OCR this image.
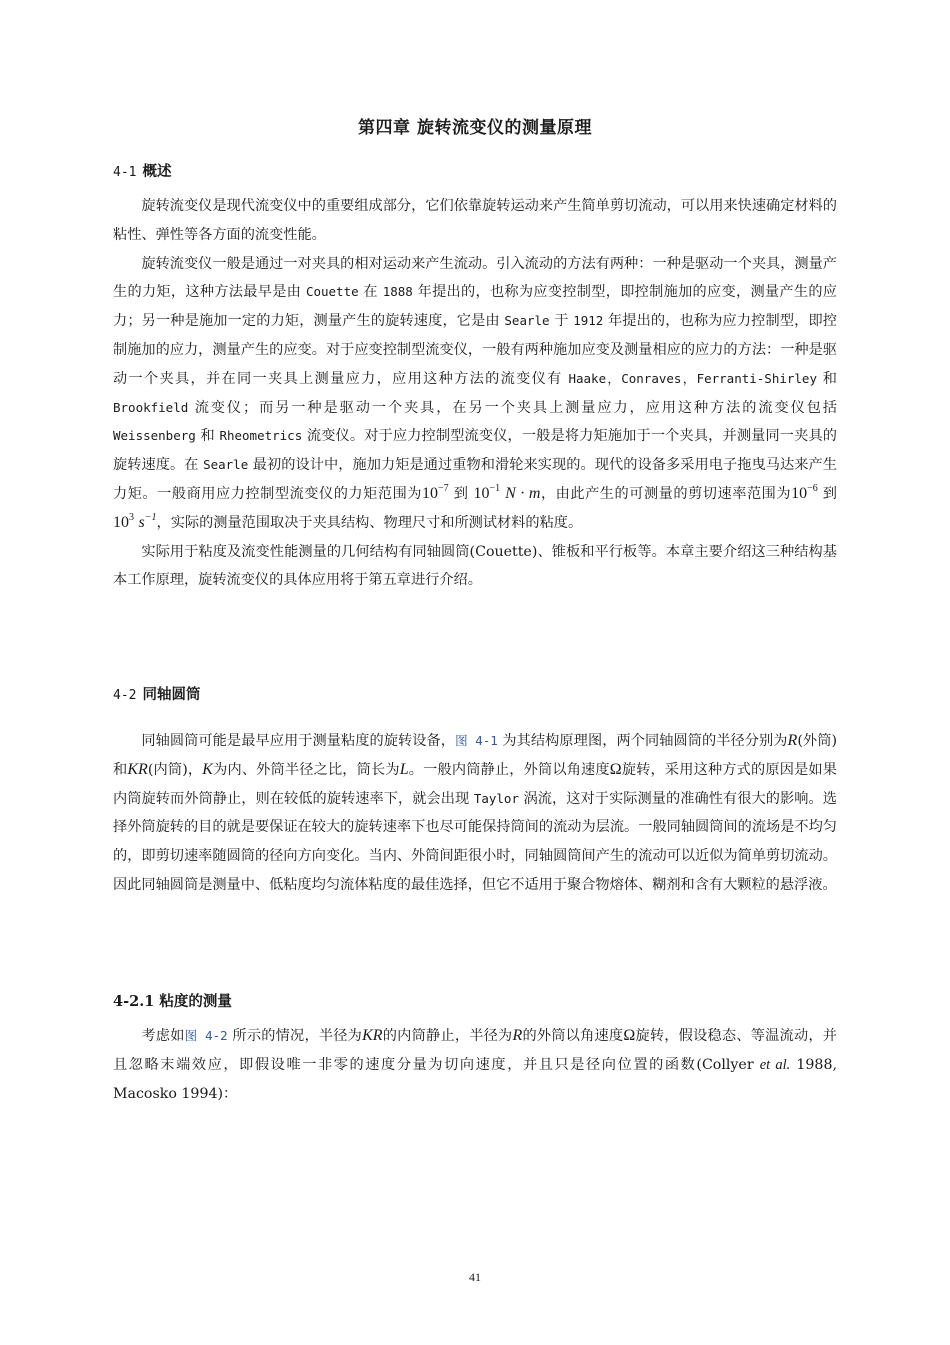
第四章 旋转流变仪的测量原理
4-1 概述

旋转流变仪是现代流变仪中的重要组成部分，它们依靠旋转运动来产生简单剪切流动，可以用来快速确定材料的粘性、弹性等各方面的流变性能。

旋转流变仪一般是通过一对夹具的相对运动来产生流动。引入流动的方法有两种：一种是驱动一个夹具，测量产生的力矩，这种方法最早是由 Couette 在 1888 年提出的，也称为应变控制型，即控制施加的应变，测量产生的应力；另一种是施加一定的力矩，测量产生的旋转速度，它是由 Searle 于 1912 年提出的，也称为应力控制型，即控制施加的应力，测量产生的应变。对于应变控制型流变仪，一般有两种施加应变及测量相应的应力的方法：一种是驱动一个夹具，并在同一夹具上测量应力，应用这种方法的流变仪有 Haake，Conraves，Ferranti-Shirley 和 Brookfield 流变仪；而另一种是驱动一个夹具，在另一个夹具上测量应力，应用这种方法的流变仪包括 Weissenberg 和 Rheometrics 流变仪。对于应力控制型流变仪，一般是将力矩施加于一个夹具，并测量同一夹具的旋转速度。在 Searle 最初的设计中，施加力矩是通过重物和滑轮来实现的。现代的设备多采用电子拖曳马达来产生力矩。一般商用应力控制型流变仪的力矩范围为$10^{-7}$ 到 $10^{-1}$ N · m，由此产生的可测量的剪切速率范围为$10^{-6}$ 到 $10^3$ $s^{-1}$，实际的测量范围取决于夹具结构、物理尺寸和所测试材料的粘度。

实际用于粘度及流变性能测量的几何结构有同轴圆筒(Couette)、锥板和平行板等。本章主要介绍这三种结构基本工作原理，旋转流变仪的具体应用将于第五章进行介绍。

4-2 同轴圆筒

同轴圆筒可能是最早应用于测量粘度的旋转设备，图 4-1 为其结构原理图，两个同轴圆筒的半径分别为R(外筒)和KR(内筒)，K为内、外筒半径之比，筒长为L。一般内筒静止，外筒以角速度Ω旋转，采用这种方式的原因是如果内筒旋转而外筒静止，则在较低的旋转速率下，就会出现 Taylor 涡流，这对于实际测量的准确性有很大的影响。选择外筒旋转的目的就是要保证在较大的旋转速率下也尽可能保持筒间的流动为层流。一般同轴圆筒间的流场是不均匀的，即剪切速率随圆筒的径向方向变化。当内、外筒间距很小时，同轴圆筒间产生的流动可以近似为简单剪切流动。因此同轴圆筒是测量中、低粘度均匀流体粘度的最佳选择，但它不适用于聚合物熔体、糊剂和含有大颗粒的悬浮液。

4-2.1 粘度的测量

考虑如图 4-2 所示的情况，半径为KR的内筒静止，半径为R的外筒以角速度Ω旋转，假设稳态、等温流动，并且忽略末端效应，即假设唯一非零的速度分量为切向速度，并且只是径向位置的函数(Collyer et al. 1988, Macosko 1994)：

41
